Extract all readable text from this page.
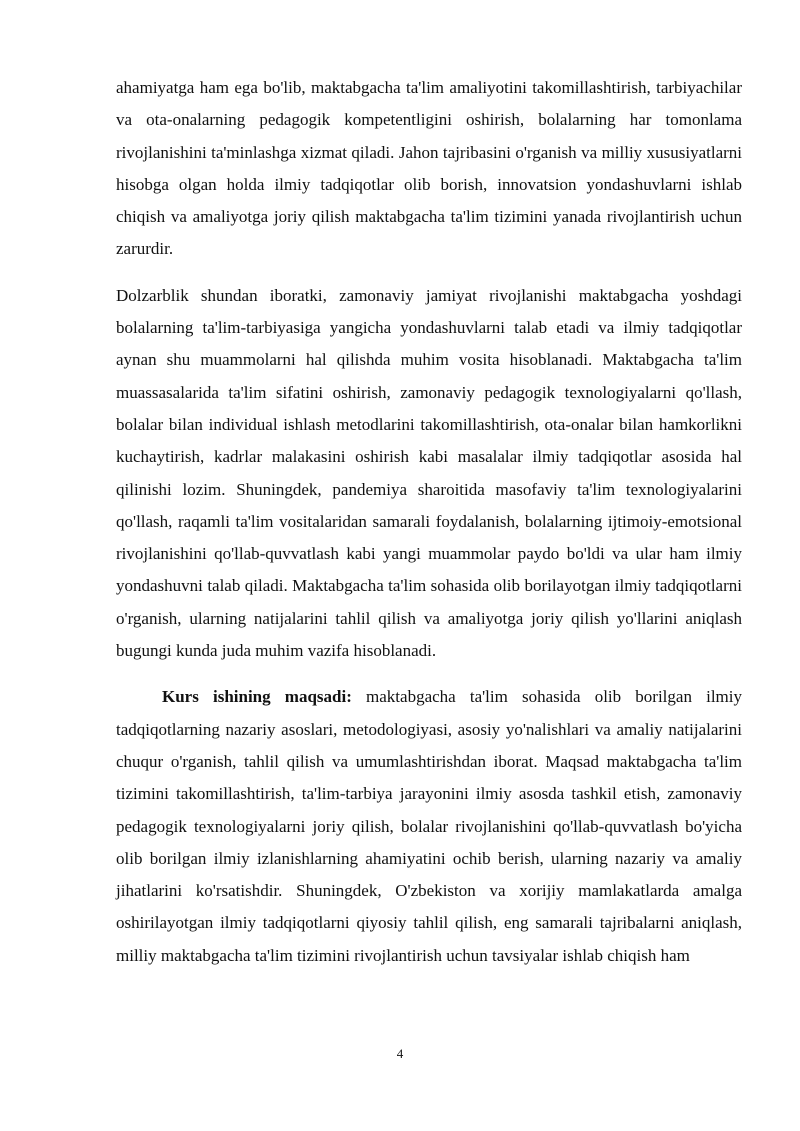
ahamiyatga ham ega bo'lib, maktabgacha ta'lim amaliyotini takomillashtirish, tarbiyachilar va ota-onalarning pedagogik kompetentligini oshirish, bolalarning har tomonlama rivojlanishini ta'minlashga xizmat qiladi. Jahon tajribasini o'rganish va milliy xususiyatlarni hisobga olgan holda ilmiy tadqiqotlar olib borish, innovatsion yondashuvlarni ishlab chiqish va amaliyotga joriy qilish maktabgacha ta'lim tizimini yanada rivojlantirish uchun zarurdir.

Dolzarblik shundan iboratki, zamonaviy jamiyat rivojlanishi maktabgacha yoshdagi bolalarning ta'lim-tarbiyasiga yangicha yondashuvlarni talab etadi va ilmiy tadqiqotlar aynan shu muammolarni hal qilishda muhim vosita hisoblanadi. Maktabgacha ta'lim muassasalarida ta'lim sifatini oshirish, zamonaviy pedagogik texnologiyalarni qo'llash, bolalar bilan individual ishlash metodlarini takomillashtirish, ota-onalar bilan hamkorlikni kuchaytirish, kadrlar malakasini oshirish kabi masalalar ilmiy tadqiqotlar asosida hal qilinishi lozim. Shuningdek, pandemiya sharoitida masofaviy ta'lim texnologiyalarini qo'llash, raqamli ta'lim vositalaridan samarali foydalanish, bolalarning ijtimoiy-emotsional rivojlanishini qo'llab-quvvatlash kabi yangi muammolar paydo bo'ldi va ular ham ilmiy yondashuvni talab qiladi. Maktabgacha ta'lim sohasida olib borilayotgan ilmiy tadqiqotlarni o'rganish, ularning natijalarini tahlil qilish va amaliyotga joriy qilish yo'llarini aniqlash bugungi kunda juda muhim vazifa hisoblanadi.

Kurs ishining maqsadi: maktabgacha ta'lim sohasida olib borilgan ilmiy tadqiqotlarning nazariy asoslari, metodologiyasi, asosiy yo'nalishlari va amaliy natijalarini chuqur o'rganish, tahlil qilish va umumlashtirishdan iborat. Maqsad maktabgacha ta'lim tizimini takomillashtirish, ta'lim-tarbiya jarayonini ilmiy asosda tashkil etish, zamonaviy pedagogik texnologiyalarni joriy qilish, bolalar rivojlanishini qo'llab-quvvatlash bo'yicha olib borilgan ilmiy izlanishlarning ahamiyatini ochib berish, ularning nazariy va amaliy jihatlarini ko'rsatishdir. Shuningdek, O'zbekiston va xorijiy mamlakatlarda amalga oshirilayotgan ilmiy tadqiqotlarni qiyosiy tahlil qilish, eng samarali tajribalarni aniqlash, milliy maktabgacha ta'lim tizimini rivojlantirish uchun tavsiyalar ishlab chiqish ham

4
